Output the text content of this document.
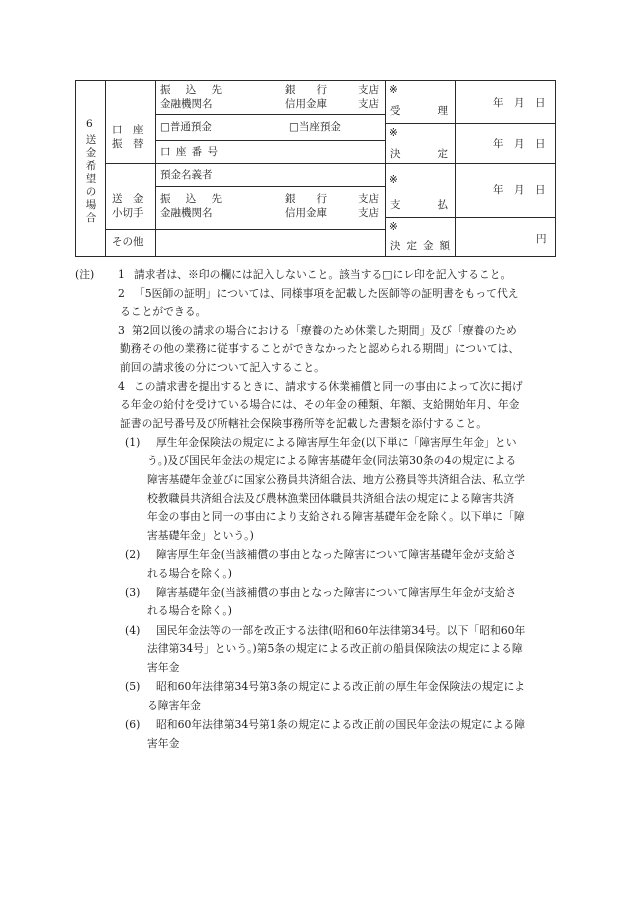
6
送金希望の場合
口　座
振　替
振　込　先
金融機関名
銀　　行
信用金庫
支店
支店
□普通預金	□当座預金
口座番号
預金名義者
送　金
小切手
振　込　先
金融機関名
銀　　行
信用金庫
支店
支店
その他
※
受　　　理
年　月　日
※
決　　　定
年　月　日
※
支　　　払
年　月　日
※
決定金額
円
(注) 1 請求者は、※印の欄には記入しないこと。該当する□にレ印を記入すること。
2 「5医師の証明」については、同様事項を記載した医師等の証明書をもって代え
ることができる。
3 第2回以後の請求の場合における「療養のため休業した期間」及び「療養のため
勤務その他の業務に従事することができなかったと認められる期間」については、
前回の請求後の分について記入すること。
4 この請求書を提出するときに、請求する休業補償と同一の事由によって次に掲げ
る年金の給付を受けている場合には、その年金の種類、年額、支給開始年月、年金
証書の記号番号及び所轄社会保険事務所等を記載した書類を添付すること。
(1) 厚生年金保険法の規定による障害厚生年金(以下単に「障害厚生年金」とい
う。)及び国民年金法の規定による障害基礎年金(同法第30条の4の規定による
障害基礎年金並びに国家公務員共済組合法、地方公務員等共済組合法、私立学
校教職員共済組合法及び農林漁業団体職員共済組合法の規定による障害共済
年金の事由と同一の事由により支給される障害基礎年金を除く。以下単に「障
害基礎年金」という。)
(2) 障害厚生年金(当該補償の事由となった障害について障害基礎年金が支給さ
れる場合を除く。)
(3) 障害基礎年金(当該補償の事由となった障害について障害厚生年金が支給さ
れる場合を除く。)
(4) 国民年金法等の一部を改正する法律(昭和60年法律第34号。以下「昭和60年
法律第34号」という。)第5条の規定による改正前の船員保険法の規定による障
害年金
(5) 昭和60年法律第34号第3条の規定による改正前の厚生年金保険法の規定によ
る障害年金
(6) 昭和60年法律第34号第1条の規定による改正前の国民年金法の規定による障
害年金
